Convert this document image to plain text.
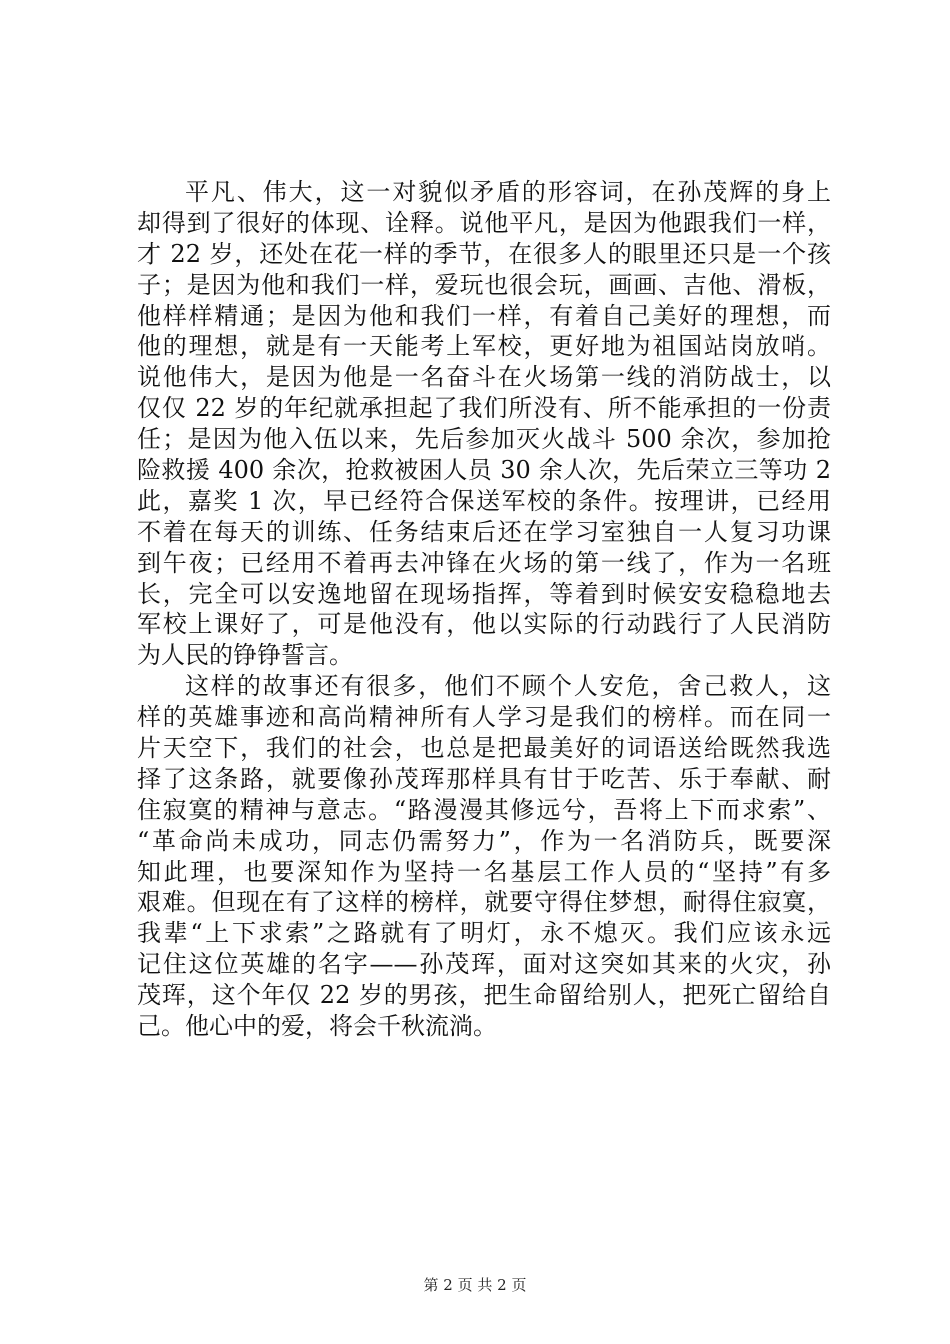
平凡、伟大，这一对貌似矛盾的形容词，在孙茂辉的身上
却得到了很好的体现、诠释。说他平凡，是因为他跟我们一样，
才 22 岁，还处在花一样的季节，在很多人的眼里还只是一个孩
子；是因为他和我们一样，爱玩也很会玩，画画、吉他、滑板，
他样样精通；是因为他和我们一样，有着自己美好的理想，而
他的理想，就是有一天能考上军校，更好地为祖国站岗放哨。
说他伟大，是因为他是一名奋斗在火场第一线的消防战士，以
仅仅 22 岁的年纪就承担起了我们所没有、所不能承担的一份责
任；是因为他入伍以来，先后参加灭火战斗 500 余次，参加抢
险救援 400 余次，抢救被困人员 30 余人次，先后荣立三等功 2
此，嘉奖 1 次，早已经符合保送军校的条件。按理讲，已经用
不着在每天的训练、任务结束后还在学习室独自一人复习功课
到午夜；已经用不着再去冲锋在火场的第一线了，作为一名班
长，完全可以安逸地留在现场指挥，等着到时候安安稳稳地去
军校上课好了，可是他没有，他以实际的行动践行了人民消防
为人民的铮铮誓言。
这样的故事还有很多，他们不顾个人安危，舍己救人，这
样的英雄事迹和高尚精神所有人学习是我们的榜样。而在同一
片天空下，我们的社会，也总是把最美好的词语送给既然我选
择了这条路，就要像孙茂珲那样具有甘于吃苦、乐于奉献、耐
住寂寞的精神与意志。“路漫漫其修远兮，吾将上下而求索”、
“革命尚未成功，同志仍需努力”，作为一名消防兵，既要深
知此理，也要深知作为坚持一名基层工作人员的“坚持”有多
艰难。但现在有了这样的榜样，就要守得住梦想，耐得住寂寞，
我辈“上下求索”之路就有了明灯，永不熄灭。我们应该永远
记住这位英雄的名字——孙茂珲，面对这突如其来的火灾，孙
茂珲，这个年仅 22 岁的男孩，把生命留给别人，把死亡留给自
己。他心中的爱，将会千秋流淌。
第 2 页 共 2 页
